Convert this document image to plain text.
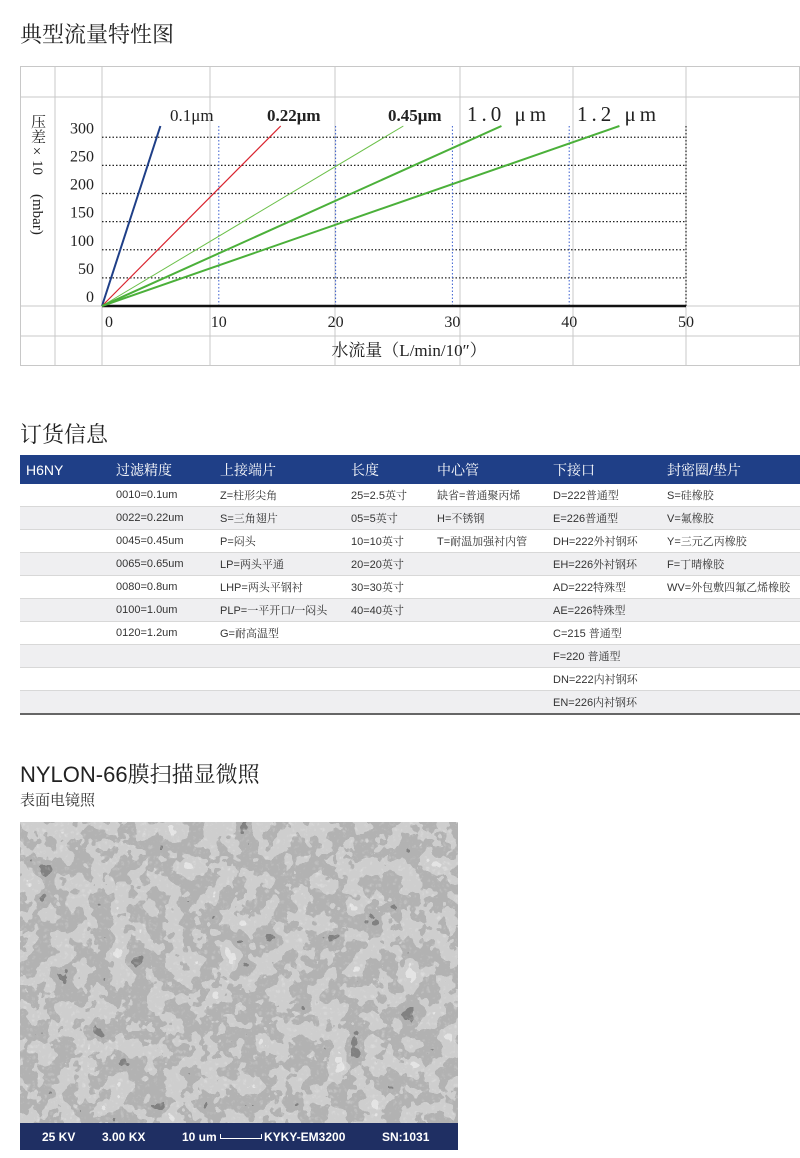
典型流量特性图
0.1μm	0.22μm	0.45μm 1.0 μm 1.2 μm
0
50
100
150
200
250
300
0	10	20	30	40	50
压差×10
(mbar)
水流量（L/min/10″）
订货信息
H6NY	过滤精度	上接端片	长度	中心管	下接口	封密圈/垫片
	0010=0.1um	Z=柱形尖角	25=2.5英寸	缺省=普通聚丙烯	D=222普通型	S=硅橡胶
	0022=0.22um	S=三角翅片	05=5英寸	H=不锈钢	E=226普通型	V=氟橡胶
	0045=0.45um	P=闷头	10=10英寸	T=耐温加强衬内管	DH=222外衬钢环	Y=三元乙丙橡胶
	0065=0.65um	LP=两头平通	20=20英寸		EH=226外衬钢环	F=丁晴橡胶
	0080=0.8um	LHP=两头平钢衬	30=30英寸		AD=222特殊型	WV=外包敷四氟乙烯橡胶
	0100=1.0um	PLP=一平开口/一闷头	40=40英寸		AE=226特殊型	
	0120=1.2um	G=耐高温型			C=215 普通型	
					F=220 普通型	
					DN=222内衬钢环	
					EN=226内衬钢环	
NYLON-66膜扫描显微照

表面电镜照

25 KV 3.00 KX	10 um	KYKY-EM3200	SN:1031
